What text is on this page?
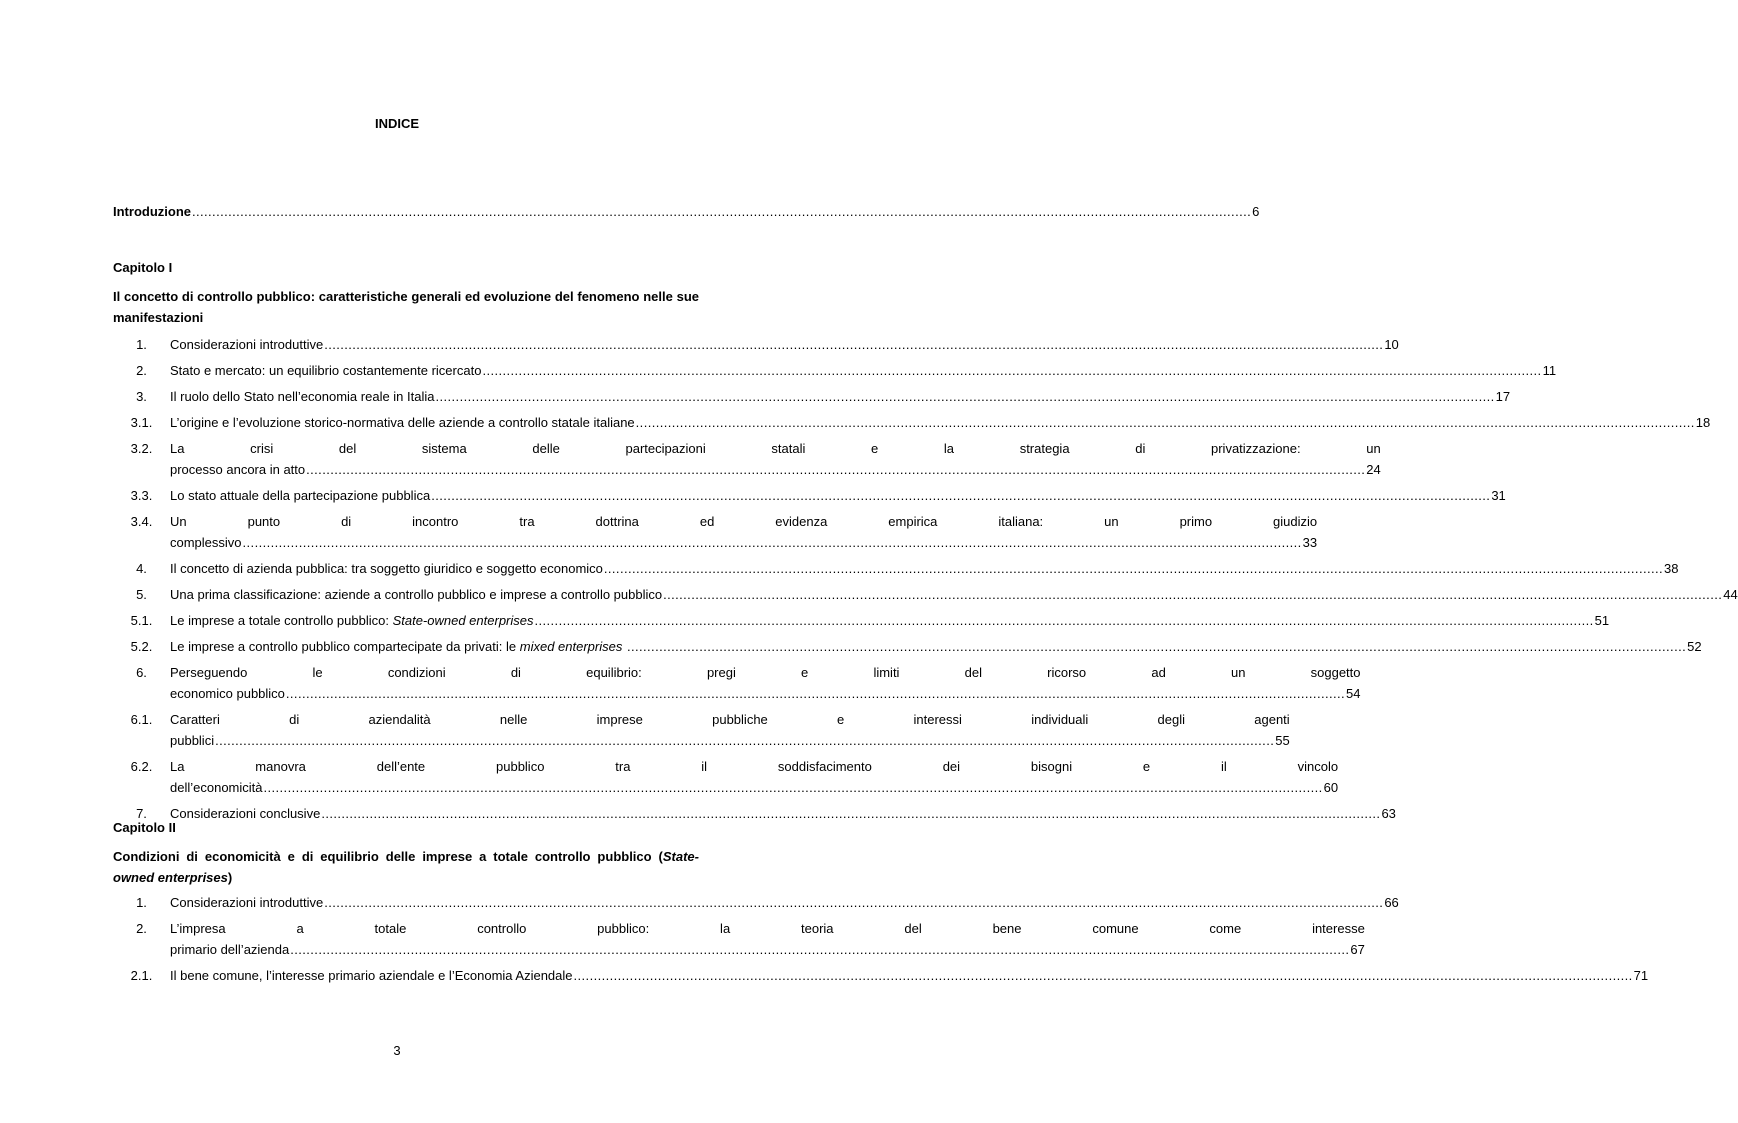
INDICE
Introduzione .....	6
Capitolo I
Il concetto di controllo pubblico: caratteristiche generali ed evoluzione del fenomeno nelle sue manifestazioni
1.	Considerazioni introduttive .....	10
2.	Stato e mercato: un equilibrio costantemente ricercato .....	11
3.	Il ruolo dello Stato nell’economia reale in Italia .....	17
3.1.	L’origine e l’evoluzione storico-normativa delle aziende a controllo statale italiane .....	18
3.2.	La crisi del sistema delle partecipazioni statali e la strategia di privatizzazione: un
processo ancora in atto .....	24
3.3.	Lo stato attuale della partecipazione pubblica .....	31
3.4.	Un punto di incontro tra dottrina ed evidenza empirica italiana: un primo giudizio
complessivo .....	33
4.	Il concetto di azienda pubblica: tra soggetto giuridico e soggetto economico .....	38
5.	Una prima classificazione: aziende a controllo pubblico e imprese a controllo pubblico .....	44
5.1.	Le imprese a totale controllo pubblico: State-owned enterprises .....	51
5.2.	Le imprese a controllo pubblico compartecipate da privati: le mixed enterprises .....	52
6.	Perseguendo le condizioni di equilibrio: pregi e limiti del ricorso ad un soggetto
economico pubblico .....	54
6.1.	Caratteri di aziendalità nelle imprese pubbliche e interessi individuali degli agenti
pubblici .....	55
6.2.	La manovra dell’ente pubblico tra il soddisfacimento dei bisogni e il vincolo
dell’economicità .....	60
7.	Considerazioni conclusive .....	63
Capitolo II
Condizioni di economicità e di equilibrio delle imprese a totale controllo pubblico (State-owned enterprises)
1.	Considerazioni introduttive .....	66
2.	L’impresa a totale controllo pubblico: la teoria del bene comune come interesse
primario dell’azienda .....	67
2.1.	Il bene comune, l’interesse primario aziendale e l’Economia Aziendale .....	71
3
